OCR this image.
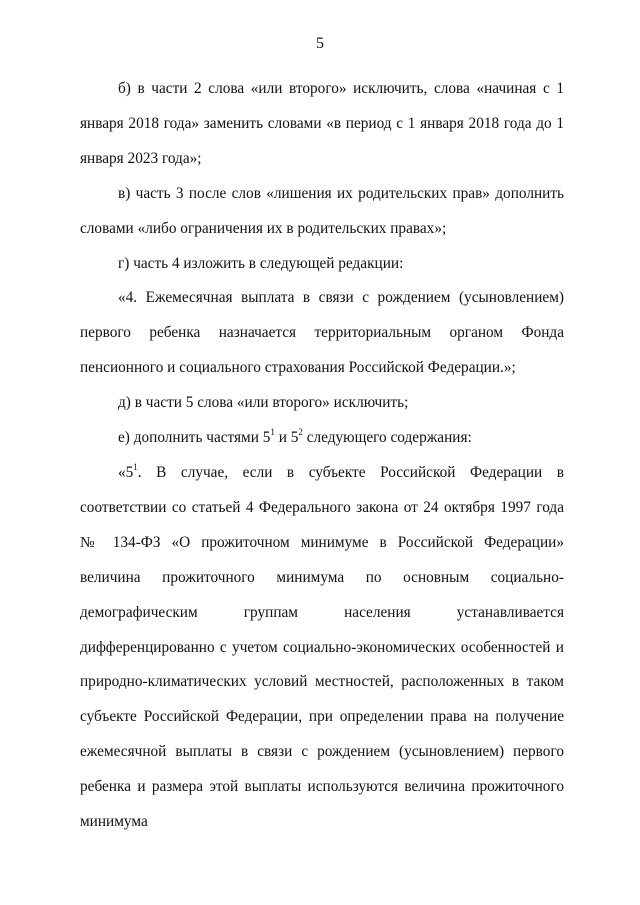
5

б) в части 2 слова «или второго» исключить, слова «начиная с 1 января 2018 года» заменить словами «в период с 1 января 2018 года до 1 января 2023 года»;

в) часть 3 после слов «лишения их родительских прав» дополнить словами «либо ограничения их в родительских правах»;

г) часть 4 изложить в следующей редакции:

«4. Ежемесячная выплата в связи с рождением (усыновлением) первого ребенка назначается территориальным органом Фонда пенсионного и социального страхования Российской Федерации.»;

д) в части 5 слова «или второго» исключить;

е) дополнить частями $5^1$ и $5^2$ следующего содержания:

«$5^1$. В случае, если в субъекте Российской Федерации в соответствии со статьей 4 Федерального закона от 24 октября 1997 года № 134-ФЗ «О прожиточном минимуме в Российской Федерации» величина прожиточного минимума по основным социально-демографическим группам населения устанавливается дифференцированно с учетом социально-экономических особенностей и природно-климатических условий местностей, расположенных в таком субъекте Российской Федерации, при определении права на получение ежемесячной выплаты в связи с рождением (усыновлением) первого ребенка и размера этой выплаты используются величина прожиточного минимума
